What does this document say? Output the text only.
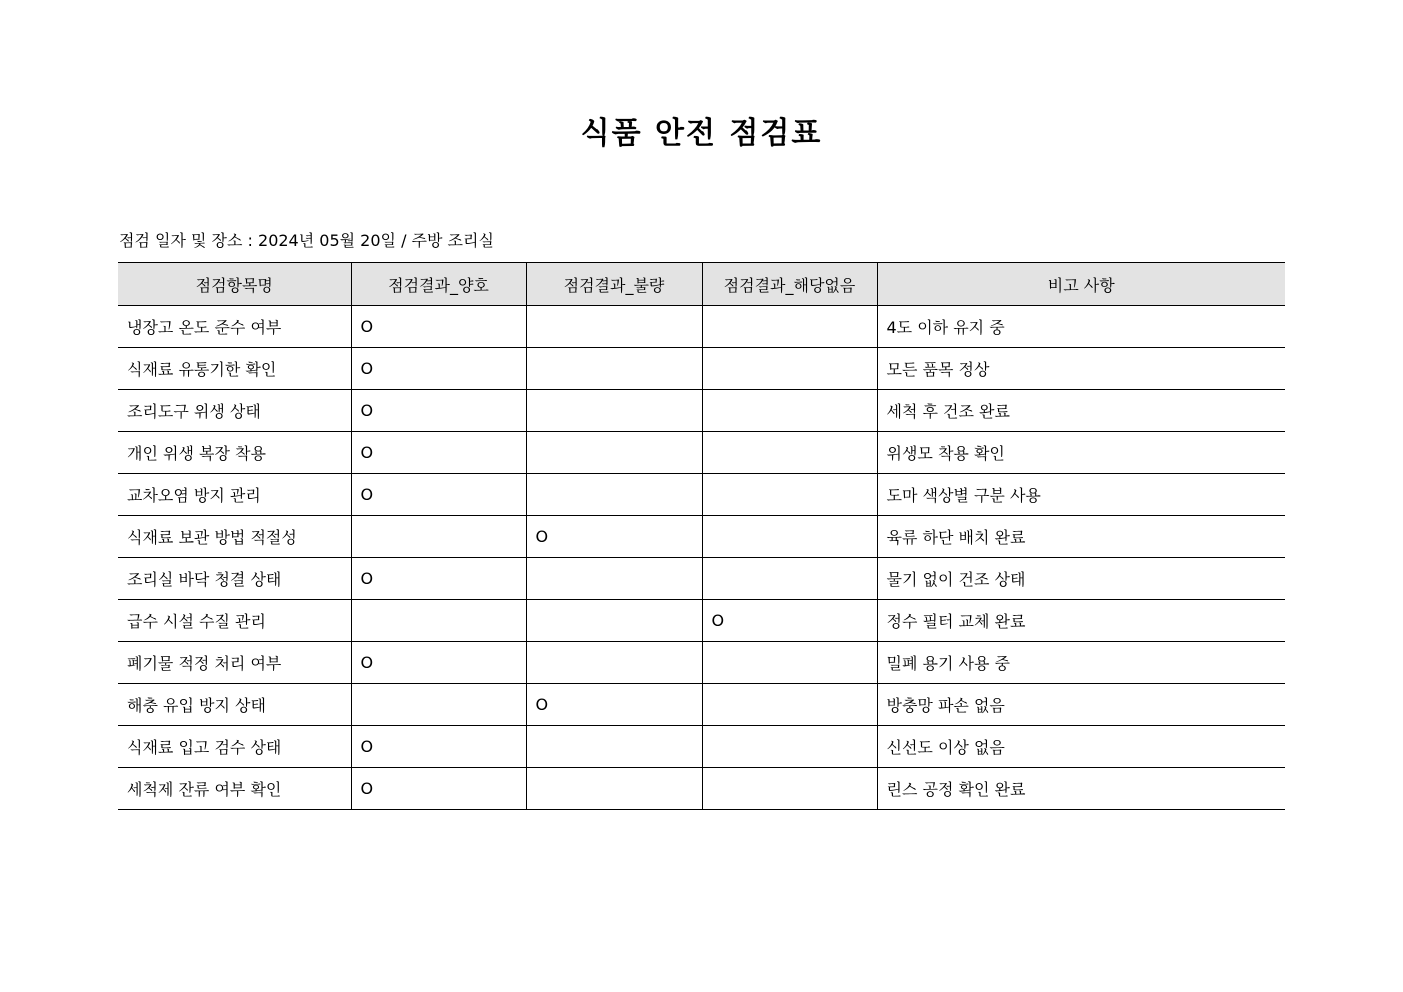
식품 안전 점검표
점검 일자 및 장소 : 2024년 05월 20일 / 주방 조리실
점검항목명	점검결과_양호	점검결과_불량	점검결과_해당없음	비고 사항
냉장고 온도 준수 여부	O			4도 이하 유지 중
식재료 유통기한 확인	O			모든 품목 정상
조리도구 위생 상태	O			세척 후 건조 완료
개인 위생 복장 착용	O			위생모 착용 확인
교차오염 방지 관리	O			도마 색상별 구분 사용
식재료 보관 방법 적절성		O		육류 하단 배치 완료
조리실 바닥 청결 상태	O			물기 없이 건조 상태
급수 시설 수질 관리			O	정수 필터 교체 완료
폐기물 적정 처리 여부	O			밀폐 용기 사용 중
해충 유입 방지 상태		O		방충망 파손 없음
식재료 입고 검수 상태	O			신선도 이상 없음
세척제 잔류 여부 확인	O			린스 공정 확인 완료
